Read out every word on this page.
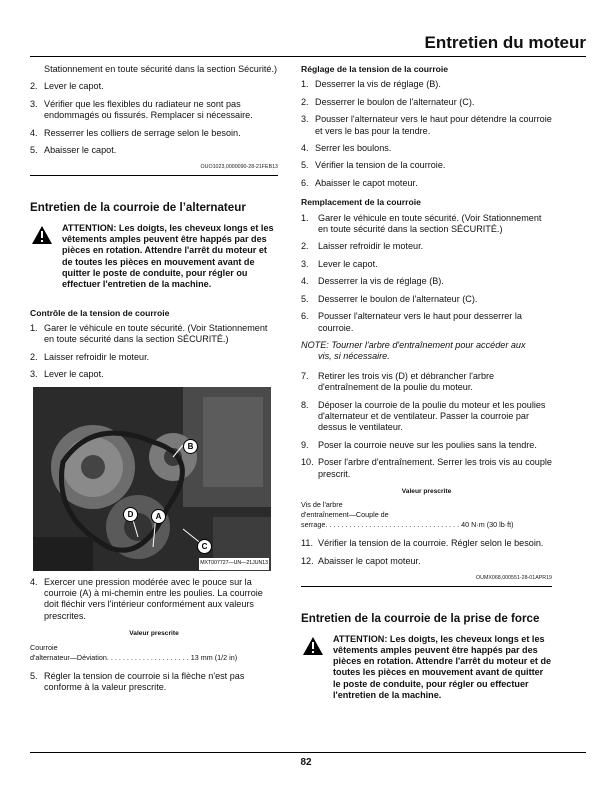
Entretien du moteur

Stationnement en toute sécurité dans la section Sécurité.)

2. Lever le capot.
3. Vérifier que les flexibles du radiateur ne sont pas endommagés ou fissurés. Remplacer si nécessaire.
4. Resserrer les colliers de serrage selon le besoin.
5. Abaisser le capot.
OUO1023,0000090-28-21FEB13
Entretien de la courroie de l’alternateur
ATTENTION: Les doigts, les cheveux longs et les vêtements amples peuvent être happés par des pièces en rotation. Attendre l'arrêt du moteur et de toutes les pièces en mouvement avant de quitter le poste de conduite, pour régler ou effectuer l'entretien de la machine.
Contrôle de la tension de courroie
1. Garer le véhicule en toute sécurité. (Voir Stationnement en toute sécurité dans la section SÉCURITÉ.)
2. Laisser refroidir le moteur.
3. Lever le capot.
B
D	A
C
MXT007727—UN—21JUN13
4. Exercer une pression modérée avec le pouce sur la courroie (A) à mi-chemin entre les poulies. La courroie doit fléchir vers l'intérieur conformément aux valeurs prescrites.
Valeur prescrite
Courroie
d'alternateur—Déviation. . . . . . . . . . . . . . . . . . . . . 13 mm (1/2 in)
5. Régler la tension de courroie si la flèche n'est pas conforme à la valeur prescrite.
Réglage de la tension de la courroie
1. Desserrer la vis de réglage (B).
2. Desserrer le boulon de l'alternateur (C).
3. Pousser l'alternateur vers le haut pour détendre la courroie et vers le bas pour la tendre.
4. Serrer les boulons.
5. Vérifier la tension de la courroie.
6. Abaisser le capot moteur.
Remplacement de la courroie
1. Garer le véhicule en toute sécurité. (Voir Stationnement en toute sécurité dans la section SÉCURITÉ.)
2. Laisser refroidir le moteur.
3. Lever le capot.
4. Desserrer la vis de réglage (B).
5. Desserrer le boulon de l'alternateur (C).
6. Pousser l'alternateur vers le haut pour desserrer la courroie.
NOTE: Tourner l'arbre d'entraînement pour accéder aux
vis, si nécessaire.
7. Retirer les trois vis (D) et débrancher l'arbre d'entraînement de la poulie du moteur.
8. Déposer la courroie de la poulie du moteur et les poulies d'alternateur et de ventilateur. Passer la courroie par dessus le ventilateur.
9. Poser la courroie neuve sur les poulies sans la tendre.
10. Poser l'arbre d'entraînement. Serrer les trois vis au couple prescrit.
Valeur prescrite
Vis de l'arbre
d'entraînement—Couple de
serrage. . . . . . . . . . . . . . . . . . . . . . . . . . . . . . . . . . 40 N·m (30 lb·ft)
11. Vérifier la tension de la courroie. Régler selon le besoin.
12. Abaisser le capot moteur.
OUMX068,000551-28-01APR19
Entretien de la courroie de la prise de force
ATTENTION: Les doigts, les cheveux longs et les vêtements amples peuvent être happés par des pièces en rotation. Attendre l'arrêt du moteur et de toutes les pièces en mouvement avant de quitter le poste de conduite, pour régler ou effectuer l'entretien de la machine.
82
